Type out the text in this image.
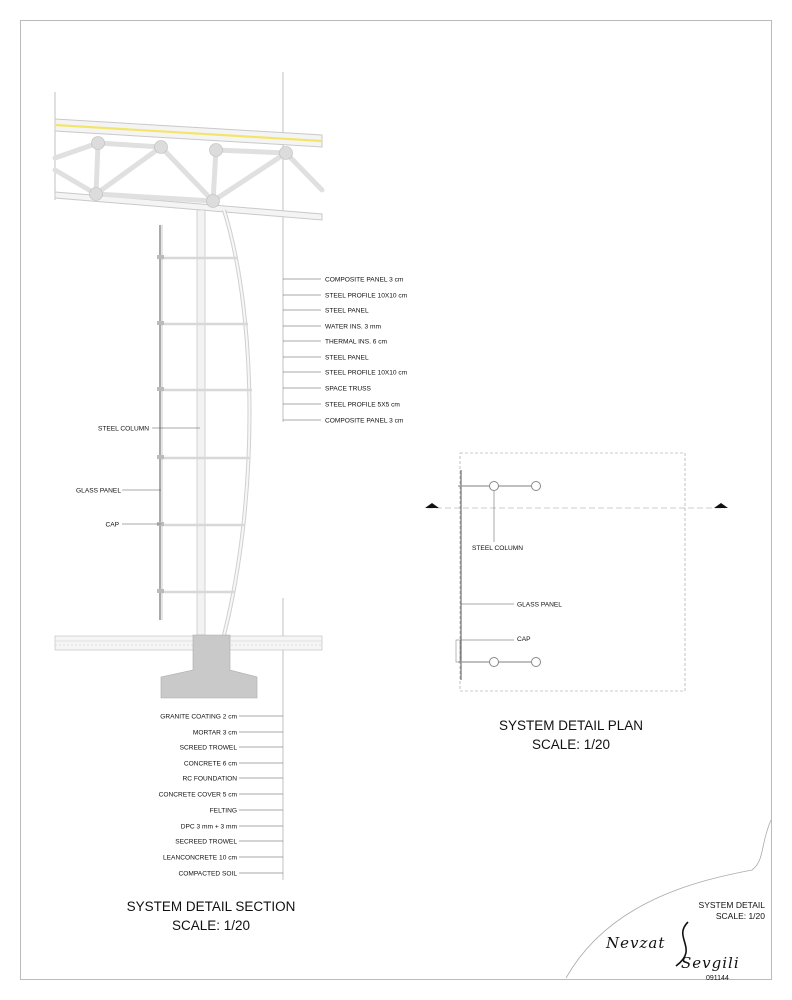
COMPOSITE PANEL 3 cm
STEEL PROFILE 10X10 cm
STEEL PANEL
WATER INS. 3 mm
THERMAL INS. 6 cm
STEEL PANEL
STEEL PROFILE 10X10 cm
SPACE TRUSS
STEEL PROFILE 5X5 cm
COMPOSITE PANEL 3 cm
STEEL COLUMN
GLASS PANEL
CAP
GRANITE COATING 2 cm
MORTAR 3 cm
SCREED TROWEL
CONCRETE 6 cm
RC FOUNDATION
CONCRETE COVER 5 cm
FELTING
DPC 3 mm + 3 mm
SECREED TROWEL
LEANCONCRETE 10 cm
COMPACTED SOIL
SYSTEM DETAIL SECTION
SCALE: 1/20
STEEL COLUMN
GLASS PANEL
CAP
SYSTEM DETAIL PLAN
SCALE: 1/20
SYSTEM DETAIL
SCALE: 1/20
Nevzat
Sevgili
091144
